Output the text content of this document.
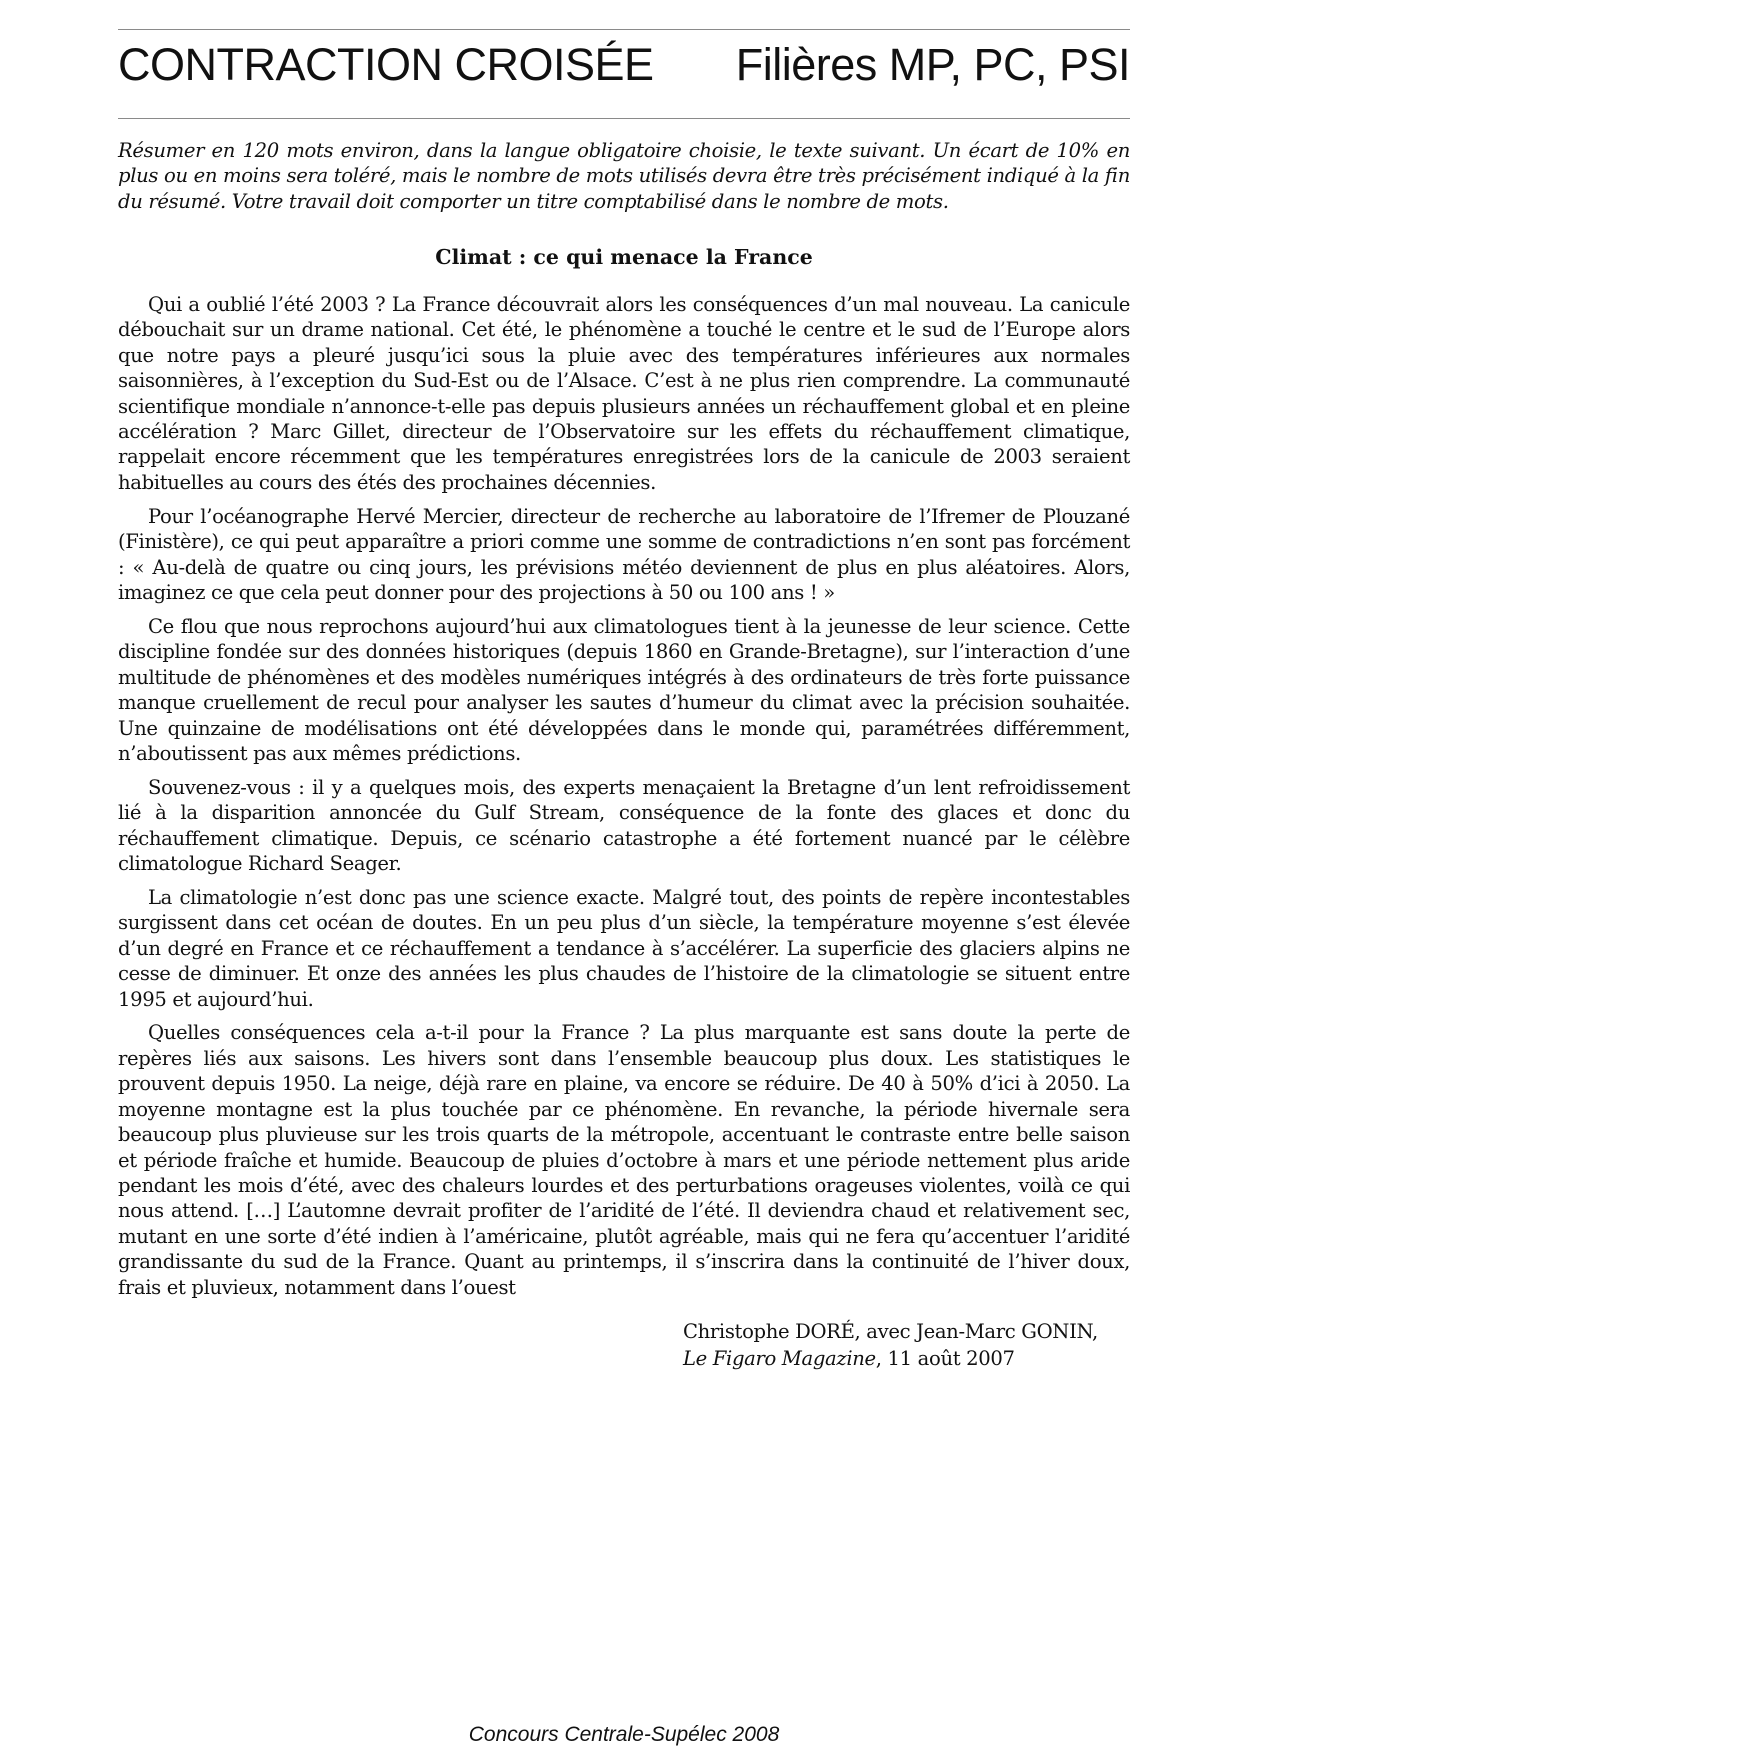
CONTRACTION CROISÉE Filières MP, PC, PSI
Résumer en 120 mots environ, dans la langue obligatoire choisie, le texte suivant. Un écart de 10% en plus ou en moins sera toléré, mais le nombre de mots utilisés devra être très précisément indiqué à la fin du résumé. Votre travail doit comporter un titre comptabilisé dans le nombre de mots.
Climat : ce qui menace la France

Qui a oublié l’été 2003 ? La France découvrait alors les conséquences d’un mal nouveau. La canicule débouchait sur un drame national. Cet été, le phénomène a touché le centre et le sud de l’Europe alors que notre pays a pleuré jusqu’ici sous la pluie avec des températures inférieures aux normales saisonnières, à l’exception du Sud-Est ou de l’Alsace. C’est à ne plus rien comprendre. La communauté scientifique mondiale n’annonce-t-elle pas depuis plusieurs années un réchauffement global et en pleine accélération ? Marc Gillet, directeur de l’Observatoire sur les effets du réchauffement climatique, rappelait encore récemment que les températures enregistrées lors de la canicule de 2003 seraient habituelles au cours des étés des prochaines décennies.

Pour l’océanographe Hervé Mercier, directeur de recherche au laboratoire de l’Ifremer de Plouzané (Finistère), ce qui peut apparaître a priori comme une somme de contradictions n’en sont pas forcément : « Au-delà de quatre ou cinq jours, les prévisions météo deviennent de plus en plus aléatoires. Alors, imaginez ce que cela peut donner pour des projections à 50 ou 100 ans ! »

Ce flou que nous reprochons aujourd’hui aux climatologues tient à la jeunesse de leur science. Cette discipline fondée sur des données historiques (depuis 1860 en Grande-Bretagne), sur l’interaction d’une multitude de phénomènes et des modèles numériques intégrés à des ordinateurs de très forte puissance manque cruellement de recul pour analyser les sautes d’humeur du climat avec la précision souhaitée. Une quinzaine de modélisations ont été développées dans le monde qui, paramétrées différemment, n’aboutissent pas aux mêmes prédictions.

Souvenez-vous : il y a quelques mois, des experts menaçaient la Bretagne d’un lent refroidissement lié à la disparition annoncée du Gulf Stream, conséquence de la fonte des glaces et donc du réchauffement climatique. Depuis, ce scénario catastrophe a été fortement nuancé par le célèbre climatologue Richard Seager.

La climatologie n’est donc pas une science exacte. Malgré tout, des points de repère incontestables surgissent dans cet océan de doutes. En un peu plus d’un siècle, la température moyenne s’est élevée d’un degré en France et ce réchauffement a tendance à s’accélérer. La superficie des glaciers alpins ne cesse de diminuer. Et onze des années les plus chaudes de l’histoire de la climatologie se situent entre 1995 et aujourd’hui.

Quelles conséquences cela a-t-il pour la France ? La plus marquante est sans doute la perte de repères liés aux saisons. Les hivers sont dans l’ensemble beaucoup plus doux. Les statistiques le prouvent depuis 1950. La neige, déjà rare en plaine, va encore se réduire. De 40 à 50% d’ici à 2050. La moyenne montagne est la plus touchée par ce phénomène. En revanche, la période hivernale sera beaucoup plus pluvieuse sur les trois quarts de la métropole, accentuant le contraste entre belle saison et période fraîche et humide. Beaucoup de pluies d’octobre à mars et une période nettement plus aride pendant les mois d’été, avec des chaleurs lourdes et des perturbations orageuses violentes, voilà ce qui nous attend. […] L’automne devrait profiter de l’aridité de l’été. Il deviendra chaud et relativement sec, mutant en une sorte d’été indien à l’américaine, plutôt agréable, mais qui ne fera qu’accentuer l’aridité grandissante du sud de la France. Quant au printemps, il s’inscrira dans la continuité de l’hiver doux, frais et pluvieux, notamment dans l’ouest

Christophe DORÉ, avec Jean-Marc GONIN,
Le Figaro Magazine, 11 août 2007
Concours Centrale-Supélec 2008
